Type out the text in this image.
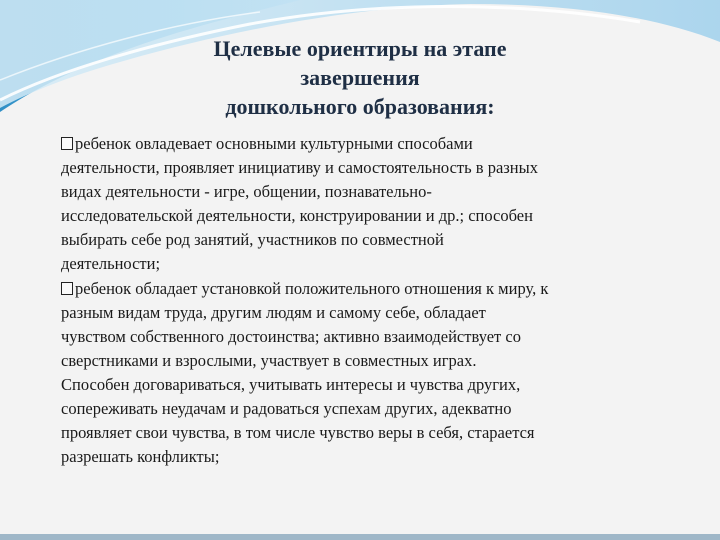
Целевые ориентиры на этапе
завершения
дошкольного образования:
ребенок овладевает основными культурными способами
деятельности, проявляет инициативу и самостоятельность в разных
видах деятельности - игре, общении, познавательно-
исследовательской деятельности, конструировании и др.; способен
выбирать себе род занятий, участников по совместной
деятельности;
ребенок обладает установкой положительного отношения к миру, к
разным видам труда, другим людям и самому себе, обладает
чувством собственного достоинства; активно взаимодействует со
сверстниками и взрослыми, участвует в совместных играх.
Способен договариваться, учитывать интересы и чувства других,
сопереживать неудачам и радоваться успехам других, адекватно
проявляет свои чувства, в том числе чувство веры в себя, старается
разрешать конфликты;
